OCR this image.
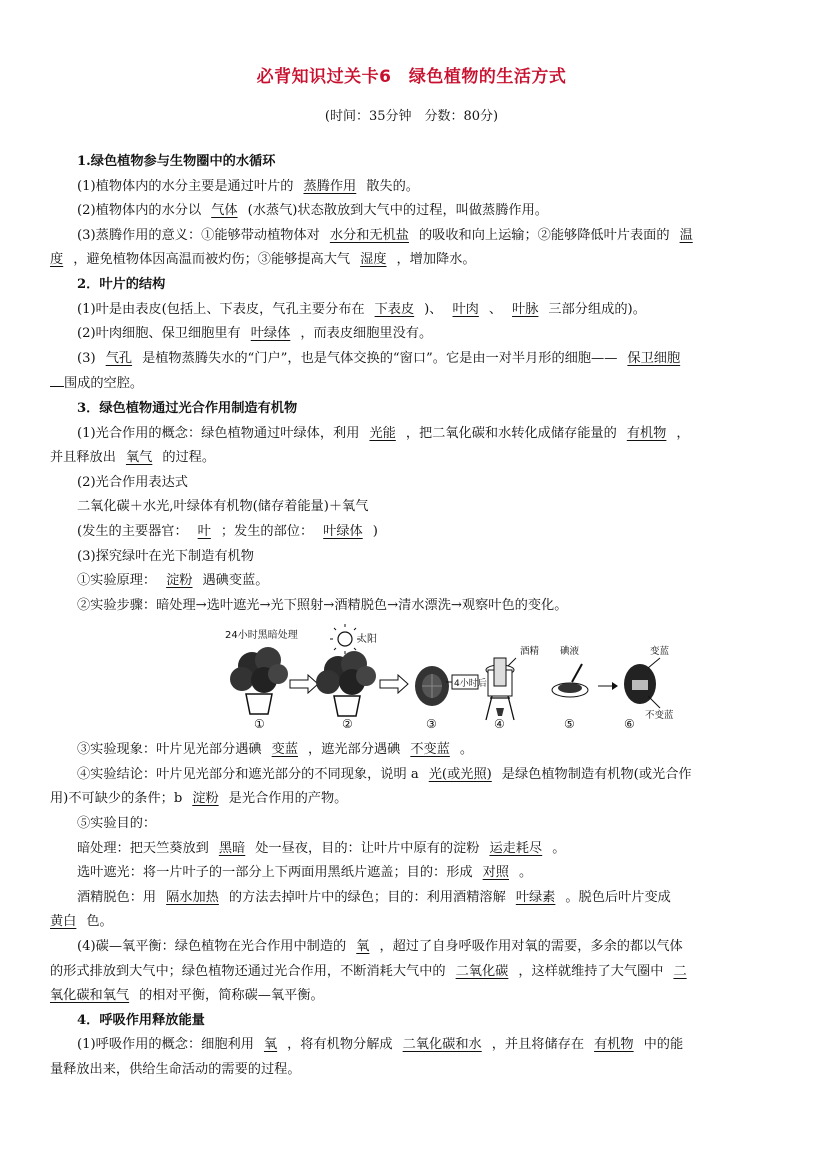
必背知识过关卡6　绿色植物的生活方式
(时间：35分钟　分数：80分)

1.绿色植物参与生物圈中的水循环

(1)植物体内的水分主要是通过叶片的 蒸腾作用 散失的。

(2)植物体内的水分以 气体 (水蒸气)状态散放到大气中的过程，叫做蒸腾作用。

(3)蒸腾作用的意义：①能够带动植物体对 水分和无机盐 的吸收和向上运输；②能够降低叶片表面的 温

度 ，避免植物体因高温而被灼伤；③能够提高大气 湿度 ，增加降水。

2．叶片的结构

(1)叶是由表皮(包括上、下表皮，气孔主要分布在 下表皮 )、 叶肉 、 叶脉 三部分组成的)。

(2)叶肉细胞、保卫细胞里有 叶绿体 ，而表皮细胞里没有。

(3) 气孔 是植物蒸腾失水的“门户”，也是气体交换的“窗口”。它是由一对半月形的细胞—— 保卫细胞

围成的空腔。

3．绿色植物通过光合作用制造有机物

(1)光合作用的概念：绿色植物通过叶绿体，利用 光能 ，把二氧化碳和水转化成储存能量的 有机物 ，

并且释放出 氧气 的过程。

(2)光合作用表达式

二氧化碳＋水光,叶绿体有机物(储存着能量)＋氧气

(发生的主要器官： 叶 ；发生的部位： 叶绿体 )

(3)探究绿叶在光下制造有机物

①实验原理： 淀粉 遇碘变蓝。

②实验步骤：暗处理→选叶遮光→光下照射→酒精脱色→清水漂洗→观察叶色的变化。

24小时黑暗处理	太阳
4小时后
酒精 碘液	变蓝
不变蓝
①	②	③	④	⑤	⑥

③实验现象：叶片见光部分遇碘 变蓝 ，遮光部分遇碘 不变蓝 。

④实验结论：叶片见光部分和遮光部分的不同现象，说明 a 光(或光照) 是绿色植物制造有机物(或光合作

用)不可缺少的条件；b 淀粉 是光合作用的产物。

⑤实验目的：

暗处理：把天竺葵放到 黑暗 处一昼夜，目的：让叶片中原有的淀粉 运走耗尽 。

选叶遮光：将一片叶子的一部分上下两面用黑纸片遮盖；目的：形成 对照 。

酒精脱色：用 隔水加热 的方法去掉叶片中的绿色；目的：利用酒精溶解 叶绿素 。脱色后叶片变成

黄白 色。

(4)碳—氧平衡：绿色植物在光合作用中制造的 氧 ，超过了自身呼吸作用对氧的需要，多余的都以气体

的形式排放到大气中；绿色植物还通过光合作用，不断消耗大气中的 二氧化碳 ，这样就维持了大气圈中 二

氧化碳和氧气 的相对平衡，简称碳—氧平衡。

4．呼吸作用释放能量

(1)呼吸作用的概念：细胞利用 氧 ，将有机物分解成 二氧化碳和水 ，并且将储存在 有机物 中的能

量释放出来，供给生命活动的需要的过程。
